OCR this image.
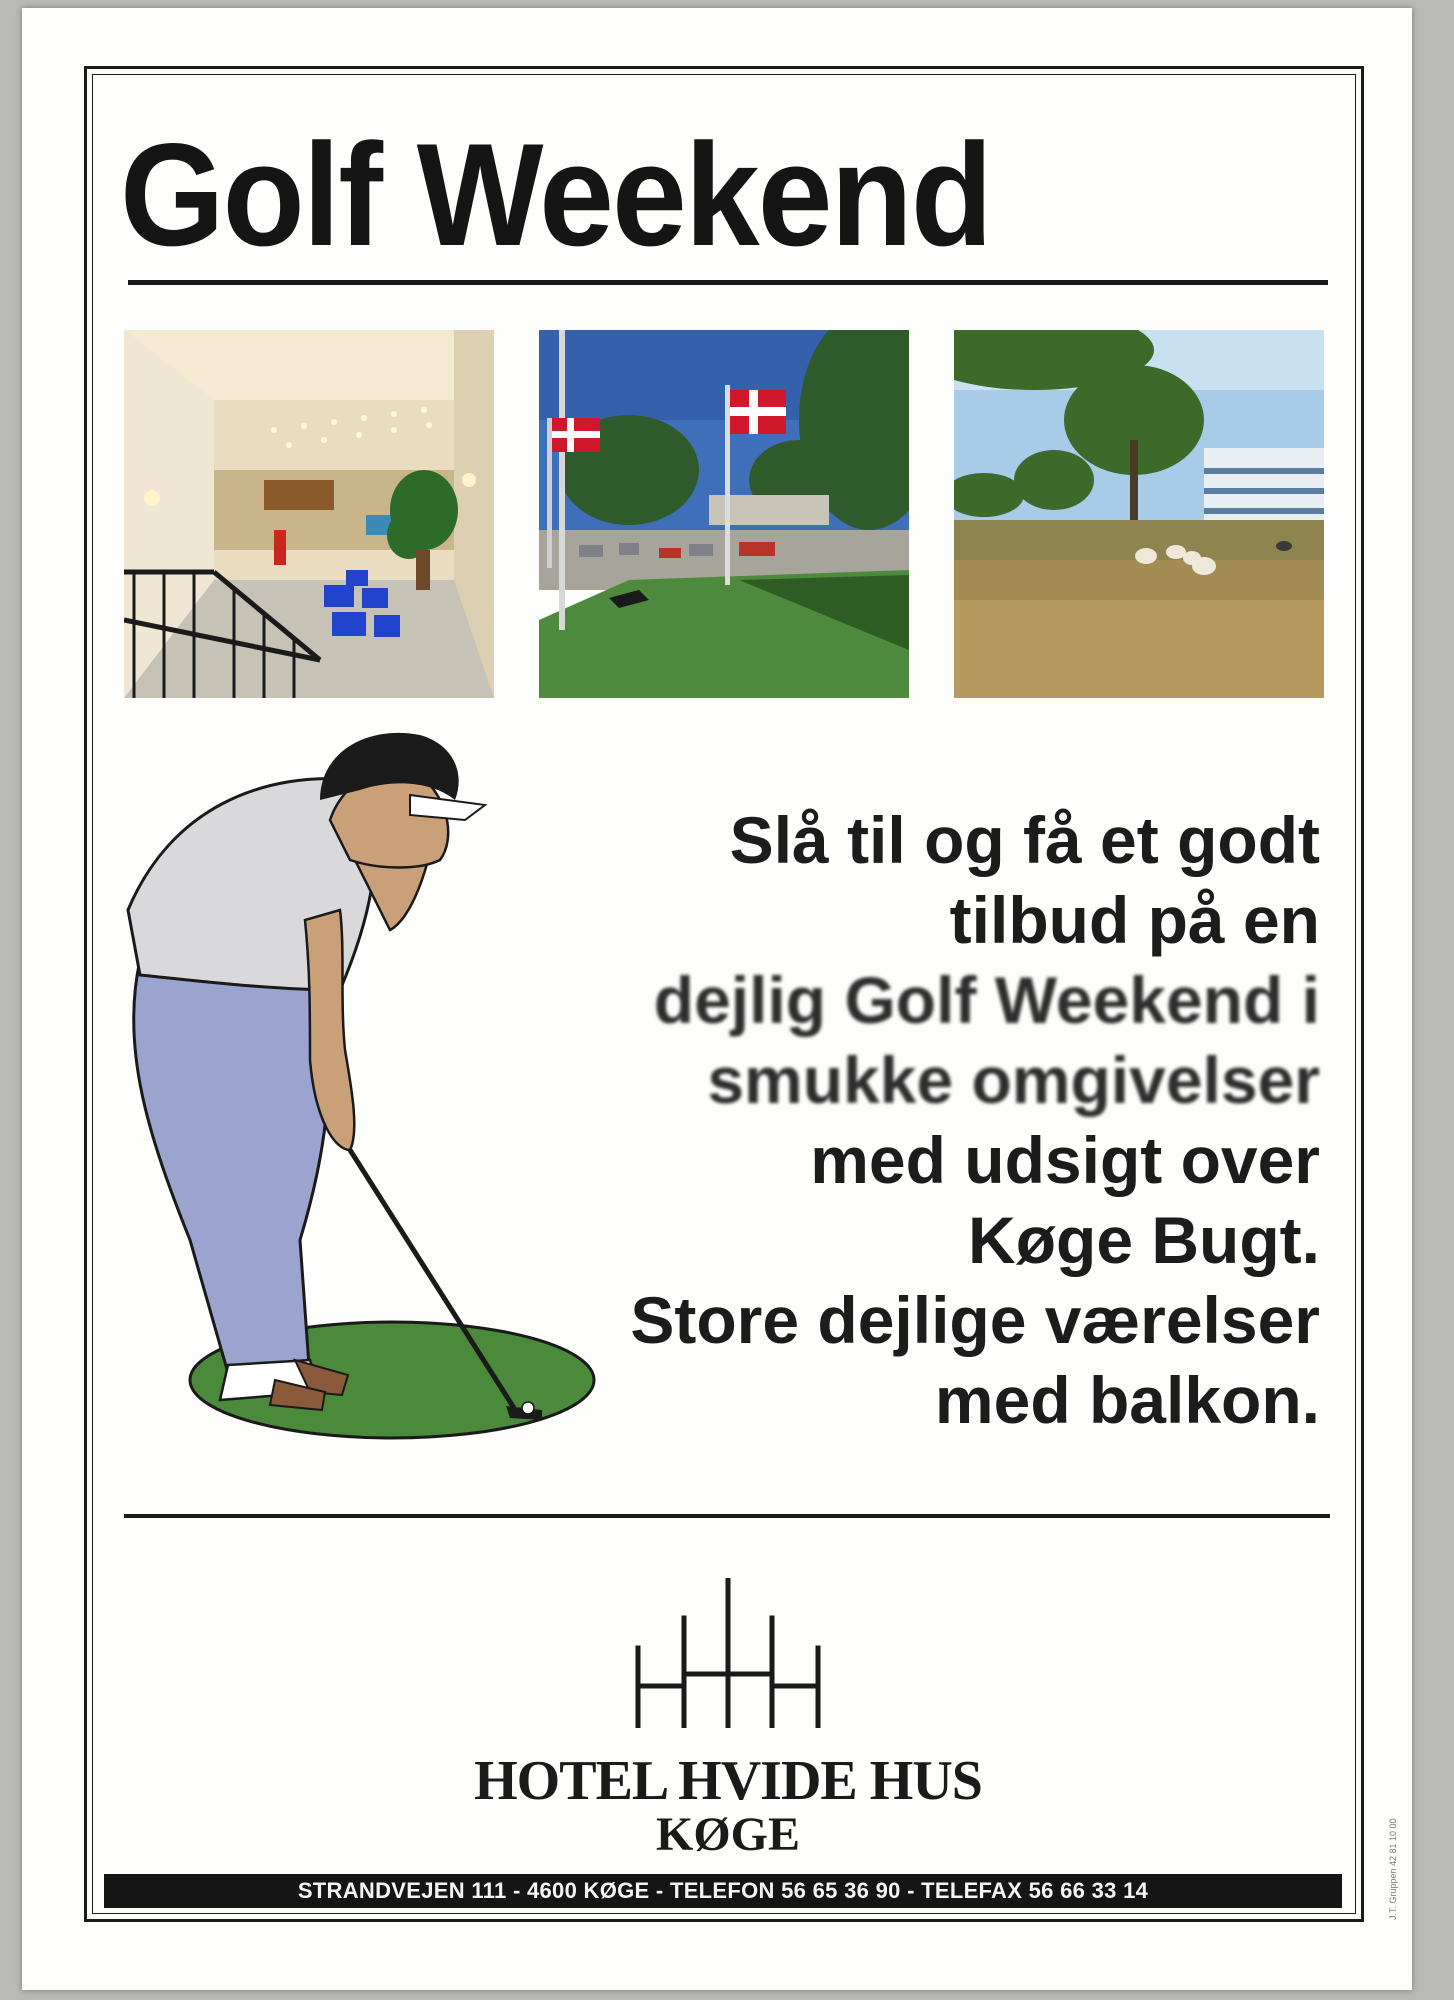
Golf Weekend
Slå til og få et godt
tilbud på en
dejlig Golf Weekend i
smukke omgivelser
med udsigt over
Køge Bugt.
Store dejlige værelser
med balkon.
HOTEL HVIDE HUS
KØGE
STRANDVEJEN 111 - 4600 KØGE - TELEFON 56 65 36 90 - TELEFAX 56 66 33 14	J.T. Gruppen 42 81 10 00
